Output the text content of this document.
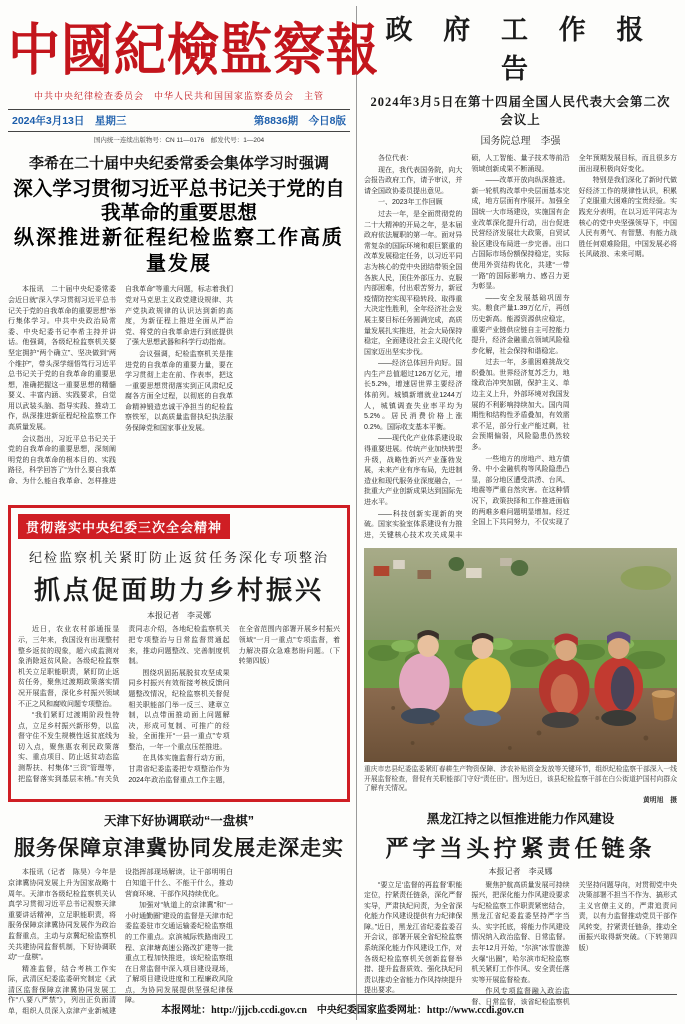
中國紀檢監察報
中共中央纪律检查委员会　中华人民共和国国家监察委员会　主管
2024年3月13日　星期三	第8836期　今日8版
国内统一连续出版物号：CN 11—0176　邮发代号：1—204
李希在二十届中央纪委常委会集体学习时强调
深入学习贯彻习近平总书记关于党的自我革命的重要思想
纵深推进新征程纪检监察工作高质量发展

本报讯　二十届中央纪委常委会近日就“深入学习贯彻习近平总书记关于党的自我革命的重要思想”举行集体学习。中共中央政治局常委、中央纪委书记李希主持并讲话。他强调，各级纪检监察机关要坚定拥护“两个确立”、坚决做到“两个维护”，带头深学细悟笃行习近平总书记关于党的自我革命的重要思想，准确把握这一重要思想的精髓要义、丰富内涵、实践要求，自觉用以武装头脑、指导实践、推动工作，纵深推进新征程纪检监察工作高质量发展。

会议指出，习近平总书记关于党的自我革命的重要思想，深刻阐明党的自我革命的根本目的、实践路径，科学回答了“为什么要自我革命、为什么能自我革命、怎样推进自我革命”等重大问题，标志着我们党对马克思主义政党建设规律、共产党执政规律的认识达到新的高度，为新征程上推进全面从严治党、将党的自我革命进行到底提供了强大思想武器和科学行动指南。

会议强调，纪检监察机关是推进党的自我革命的重要力量，要在学习贯彻上走在前、作表率，把这一重要思想贯彻落实到正风肃纪反腐各方面全过程，以彻底的自我革命精神锻造忠诚干净担当的纪检监察铁军，以高质量监督执纪执法服务保障党和国家事业发展。

贯彻落实中央纪委三次全会精神
纪检监察机关紧盯防止返贫任务深化专项整治
抓点促面助力乡村振兴
本报记者　李灵娜

近日，农业农村部通报显示，三年来，我国没有出现整村整乡返贫的现象，超六成监测对象消除返贫风险。各级纪检监察机关立足职能职责，紧盯防止返贫任务，聚焦过渡期政策落实情况开展监督，深化乡村振兴领域不正之风和腐败问题专项整治。

“我们紧盯过渡期阶段性特点，立足乡村振兴新形势，以监督守住不发生规模性返贫底线为切入点，聚焦惠农利民政策落实、重点项目、防止返贫动态监测帮扶、村集体“三资”管理等，把监督落实到基层末梢。”有关负责同志介绍，各地纪检监察机关把专项整治与日常监督贯通起来，推动问题整改、完善制度机制。

围绕巩固拓展脱贫攻坚成果同乡村振兴有效衔接考核反馈问题整改情况，纪检监察机关督促相关职能部门举一反三、建章立制，以点带面推动面上问题解决，形成可复制、可推广的经验，全面推开“一县一重点”专项整治，一年一个重点压茬推进。

在具体实施监督行动方面，甘肃省纪委监委把专项整治作为2024年政治监督重点工作主题，在全省范围内部署开展乡村振兴领域“一月一重点”专项监督，着力解决群众急难愁盼问题。（下转第四版）

天津下好协调联动“一盘棋”
服务保障京津冀协同发展走深走实

本报讯（记者　陈昊）今年是京津冀协同发展上升为国家战略十周年。天津市各级纪检监察机关认真学习贯彻习近平总书记视察天津重要讲话精神，立足职能职责，将服务保障京津冀协同发展作为政治监督重点，主动与京冀纪检监察机关共建协同监督机制，下好协调联动“一盘棋”。

精准监督，结合考核工作实际，武清区纪委监委研究制定《武清区监督保障京津冀协同发展工作“八要八严禁”》，列出正负面清单，组织人员深入京津产业新城建设指挥部现场解读，让干部明明白白知道干什么、不能干什么，推动营商环境、干部作风持续优化。

加强对“轨道上的京津冀”和“一小时通勤圈”建设的监督是天津市纪委监委驻市交通运输委纪检监察组的工作重点。京滨城际铁路南段工程、京津塘高速公路改扩建等一批重点工程加快推进，该纪检监察组在日常监督中深入项目建设现场，了解项目建设进度和工程廉政风险点，为协同发展提供坚强纪律保障。

政 府 工 作 报 告
2024年3月5日在第十四届全国人民代表大会第二次会议上
国务院总理　李强

各位代表：

现在，我代表国务院，向大会报告政府工作，请予审议，并请全国政协委员提出意见。

一、2023年工作回顾

过去一年，是全面贯彻党的二十大精神的开局之年，是本届政府依法履职的第一年。面对异常复杂的国际环境和艰巨繁重的改革发展稳定任务，以习近平同志为核心的党中央团结带领全国各族人民，顶住外部压力、克服内部困难，付出艰苦努力，新冠疫情防控实现平稳转段、取得重大决定性胜利，全年经济社会发展主要目标任务圆满完成，高质量发展扎实推进，社会大局保持稳定，全面建设社会主义现代化国家迈出坚实步伐。

——经济总体回升向好。国内生产总值超过126万亿元，增长5.2%，增速居世界主要经济体前列。城镇新增就业1244万人，城镇调查失业率平均为5.2%。居民消费价格上涨0.2%。国际收支基本平衡。

——现代化产业体系建设取得重要进展。传统产业加快转型升级，战略性新兴产业蓬勃发展，未来产业有序布局，先进制造业和现代服务业深度融合，一批重大产业创新成果达到国际先进水平。

——科技创新实现新的突破。国家实验室体系建设有力推进，关键核心技术攻关成果丰硕，人工智能、量子技术等前沿领域创新成果不断涌现。

——改革开放向纵深推进。新一轮机构改革中央层面基本完成，地方层面有序展开。加强全国统一大市场建设，实施国有企业改革深化提升行动，出台促进民营经济发展壮大政策，自贸试验区建设布局进一步完善。出口占国际市场份额保持稳定，实际使用外资结构优化，共建“一带一路”的国际影响力、感召力更为彰显。

——安全发展基础巩固夯实。粮食产量1.39万亿斤，再创历史新高。能源资源供应稳定，重要产业链供应链自主可控能力提升，经济金融重点领域风险稳步化解，社会保持和谐稳定。

过去一年，多重困难挑战交织叠加。世界经济复苏乏力，地缘政治冲突加剧，保护主义、单边主义上升，外部环境对我国发展的不利影响持续加大。国内周期性和结构性矛盾叠加，有效需求不足，部分行业产能过剩，社会预期偏弱，风险隐患仍然较多。

一些地方的房地产、地方债务、中小金融机构等风险隐患凸显，部分地区遭受洪涝、台风、地震等严重自然灾害。在这种情况下，政策抉择和工作推进面临的两难多难问题明显增加。经过全国上下共同努力，不仅实现了全年预期发展目标，而且很多方面出现积极向好变化。

特别是我们深化了新时代做好经济工作的规律性认识，积累了克服重大困难的宝贵经验。实践充分表明，在以习近平同志为核心的党中央坚强领导下，中国人民有勇气、有智慧、有能力战胜任何艰难险阻，中国发展必将长风破浪、未来可期。

重庆市忠县纪委监委紧盯春耕生产物资保障、涉农补贴资金发放等关键环节，组织纪检监察干部深入一线开展监督检查，督促有关职能部门守好“责任田”。图为近日，该县纪检监察干部在白公街道护国村向群众了解有关情况。
黄明旭　摄
黑龙江持之以恒推进能力作风建设
严字当头拧紧责任链条
本报记者　李灵娜

“要立足‘监督的再监督’职能定位，拧紧责任链条，深化严督实导，严肃执纪问责，为全省深化能力作风建设提供有力纪律保障。”近日，黑龙江省纪委监委召开会议，部署开展全省纪检监察系统深化能力作风建设工作，对各级纪检监察机关创新监督举措、提升监督质效、强化执纪问责以推动全省能力作风持续提升提出要求。

聚焦护航高质量发展可持续振兴，把深化能力作风建设要求与纪检监察工作职责紧密结合，黑龙江省纪委监委坚持严字当头、实字托底，将能力作风建设情况纳入政治监督、日常监督。去年12月开始，“尔滨”冰雪旅游火爆“出圈”，哈尔滨市纪检监察机关紧盯工作作风、安全责任落实等开展监督检查。

作风专项监督融入政治监督、日常监督，该省纪检监察机关坚持问题导向，对贯彻党中央决策部署不担当不作为、搞形式主义官僚主义的，严肃追责问责，以有力监督推动党员干部作风转变，拧紧责任链条，推动全面振兴取得新突破。（下转第四版）

本报网址：http://jjjcb.ccdi.gov.cn　中央纪委国家监委网址：http://www.ccdi.gov.cn
